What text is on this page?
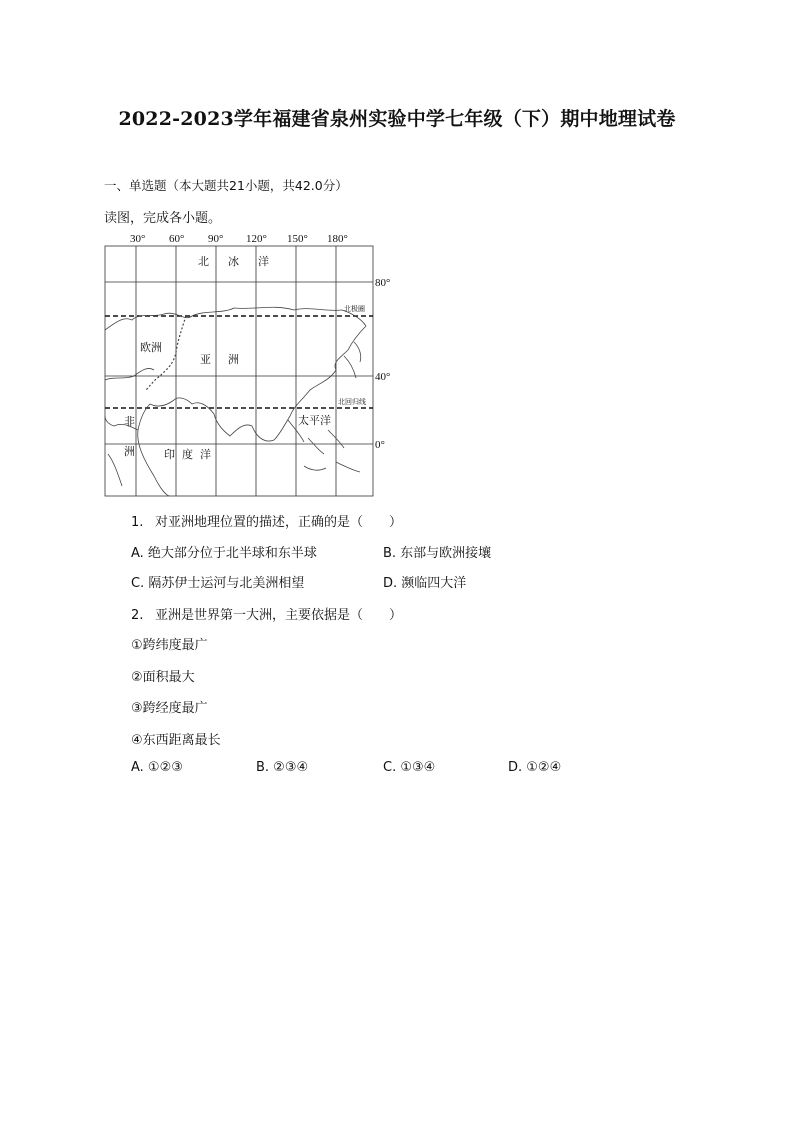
2022-2023学年福建省泉州实验中学七年级（下）期中地理试卷
一、单选题（本大题共21小题，共42.0分）
读图，完成各小题。
30° 60° 90° 120° 150° 180°
80°
40°
0°
北极圈
北回归线
北 冰 洋
欧洲
亚 洲
非
洲	印 度 洋
太平洋
1. 对亚洲地理位置的描述，正确的是（　　）
A. 绝大部分位于北半球和东半球	B. 东部与欧洲接壤
C. 隔苏伊士运河与北美洲相望	D. 濒临四大洋
2. 亚洲是世界第一大洲，主要依据是（　　）
①跨纬度最广
②面积最大
③跨经度最广
④东西距离最长
A. ①②③	B. ②③④	C. ①③④	D. ①②④
